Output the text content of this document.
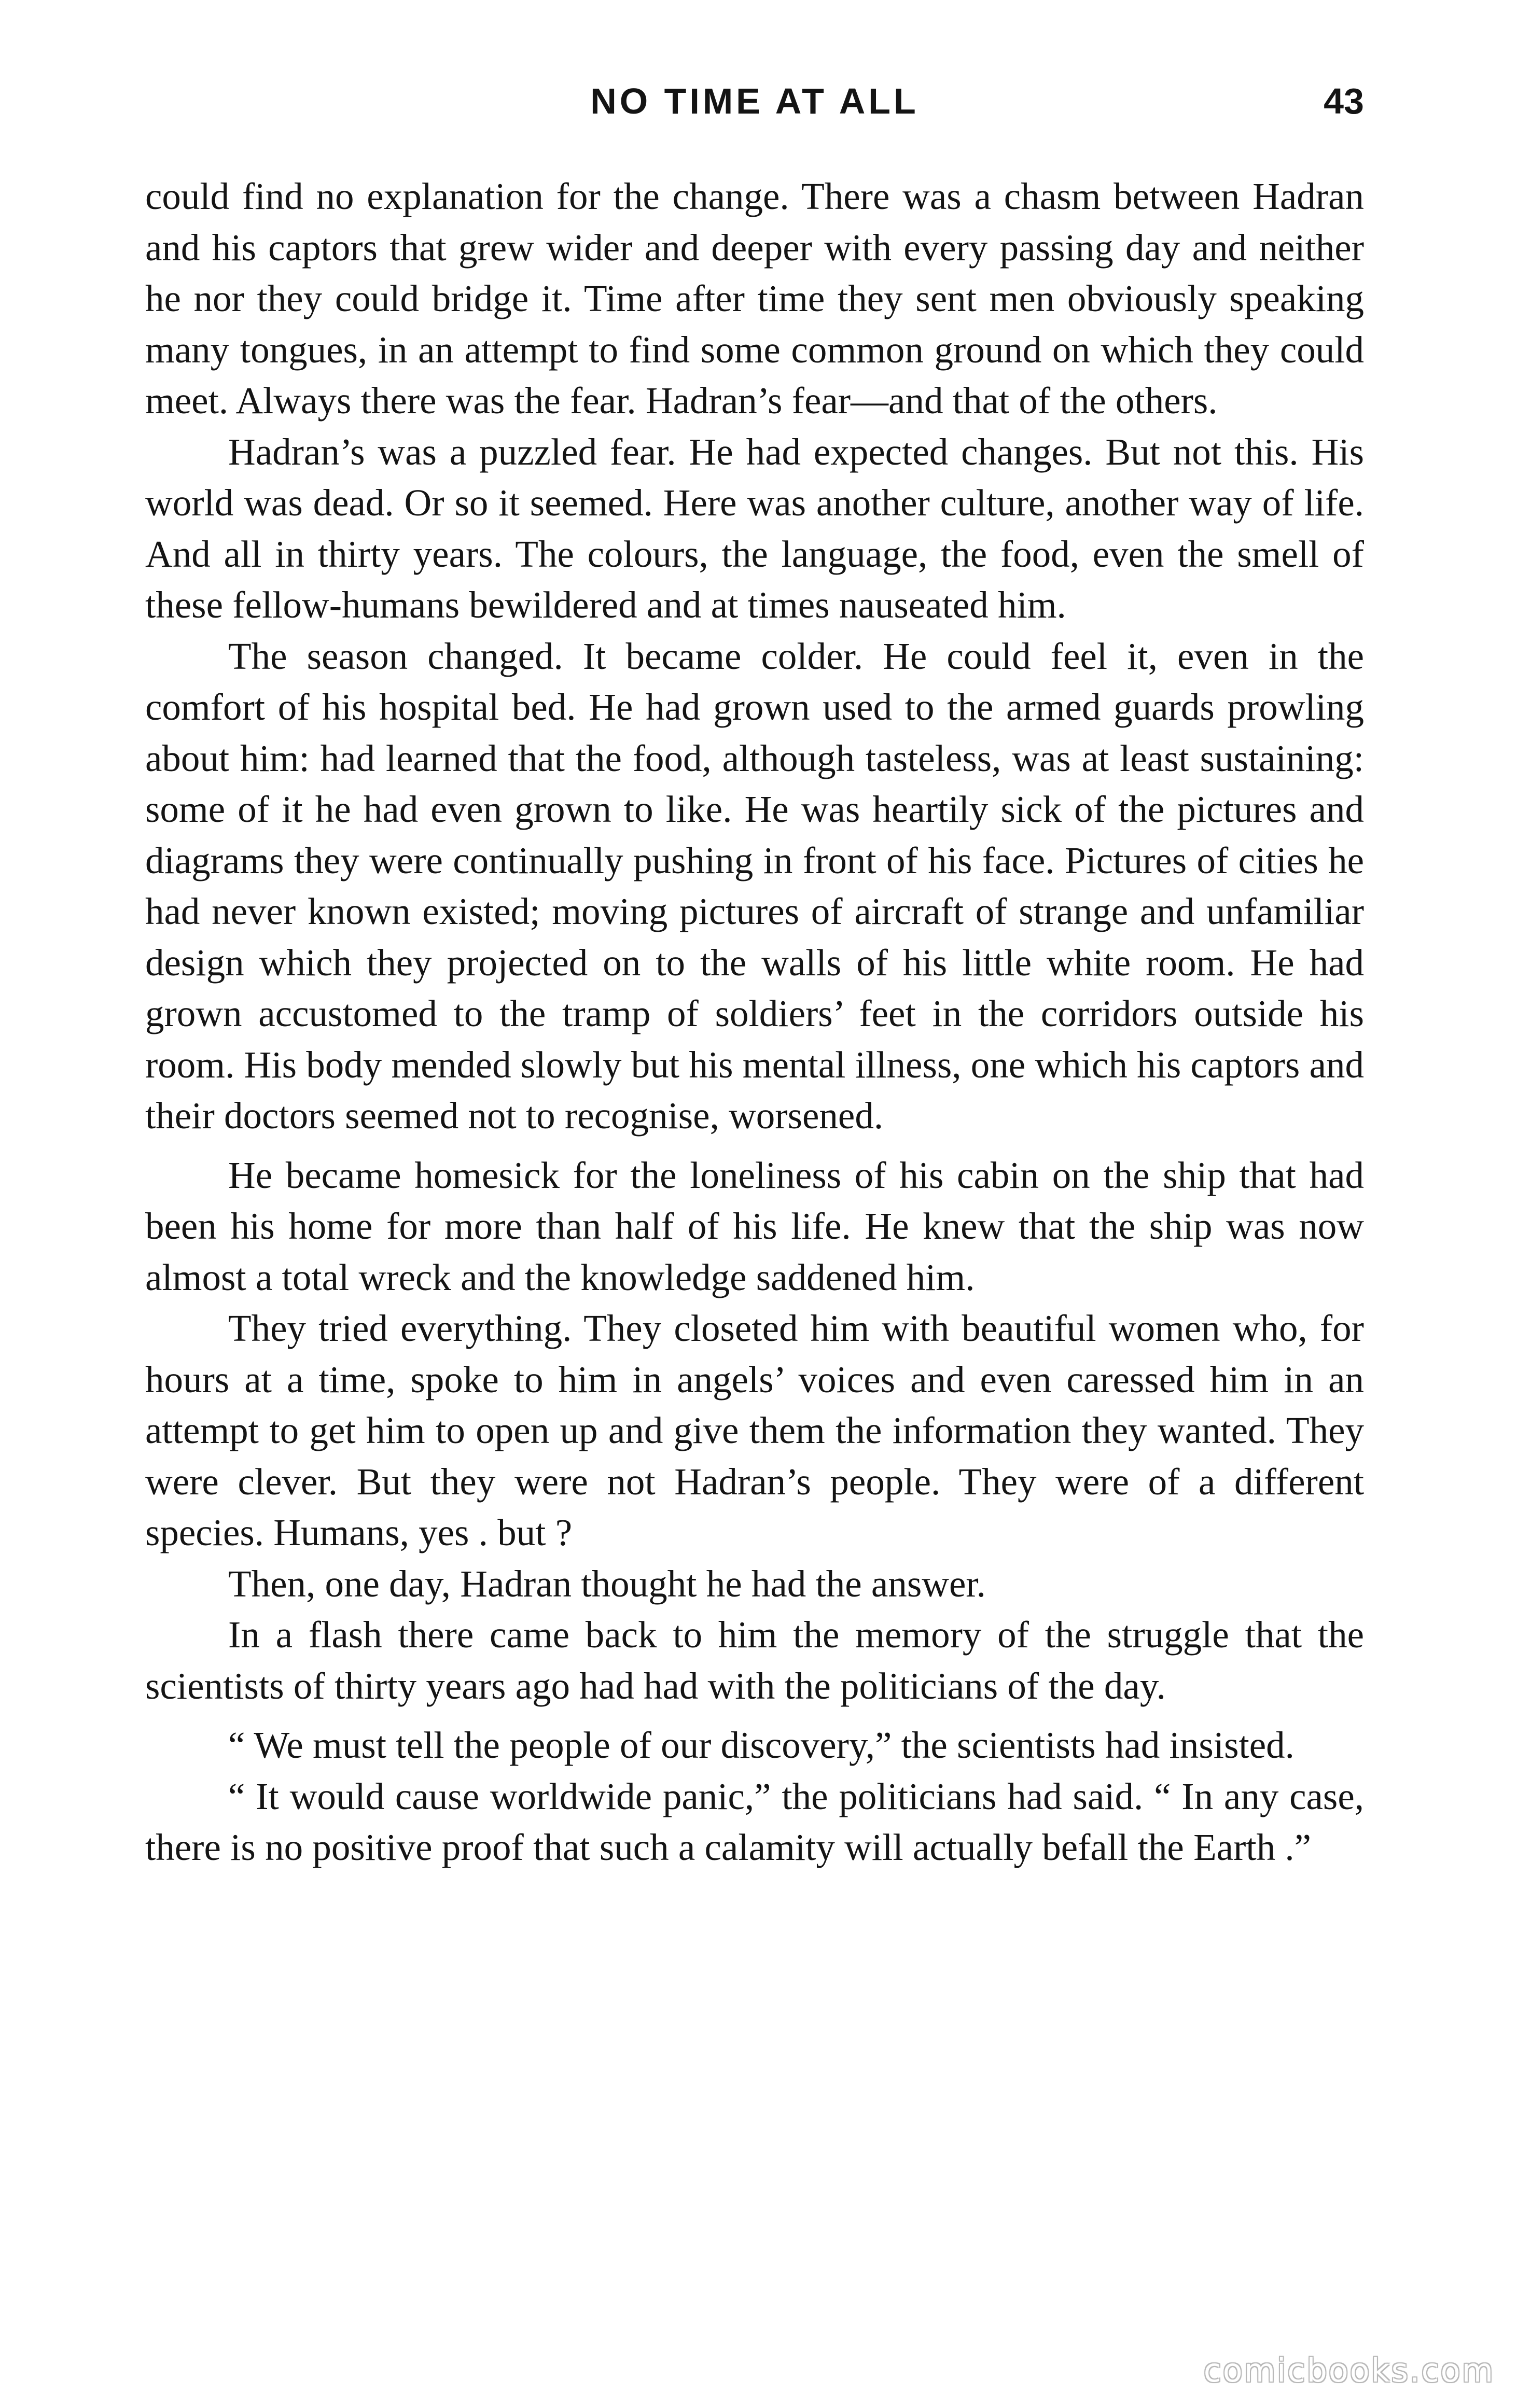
NO TIME AT ALL	43

could find no explanation for the change. There was a chasm between Hadran and his captors that grew wider and deeper with every passing day and neither he nor they could bridge it. Time after time they sent men obviously speaking many tongues, in an attempt to find some common ground on which they could meet. Always there was the fear. Hadran’s fear—and that of the others.

Hadran’s was a puzzled fear. He had expected changes. But not this. His world was dead. Or so it seemed. Here was another culture, another way of life. And all in thirty years. The colours, the language, the food, even the smell of these fellow-humans bewildered and at times nauseated him.

The season changed. It became colder. He could feel it, even in the comfort of his hospital bed. He had grown used to the armed guards prowling about him: had learned that the food, although tasteless, was at least sustaining: some of it he had even grown to like. He was heartily sick of the pictures and diagrams they were continually pushing in front of his face. Pictures of cities he had never known existed; moving pictures of aircraft of strange and unfamiliar design which they projected on to the walls of his little white room. He had grown accustomed to the tramp of soldiers’ feet in the corridors outside his room. His body mended slowly but his mental illness, one which his captors and their doctors seemed not to recognise, worsened.

He became homesick for the loneliness of his cabin on the ship that had been his home for more than half of his life. He knew that the ship was now almost a total wreck and the knowledge saddened him.

They tried everything. They closeted him with beautiful women who, for hours at a time, spoke to him in angels’ voices and even caressed him in an attempt to get him to open up and give them the information they wanted. They were clever. But they were not Hadran’s people. They were of a different species. Humans, yes . but ?

Then, one day, Hadran thought he had the answer.

In a flash there came back to him the memory of the struggle that the scientists of thirty years ago had had with the politicians of the day.

“ We must tell the people of our discovery,” the scientists had insisted.

“ It would cause worldwide panic,” the politicians had said. “ In any case, there is no positive proof that such a calamity will actually befall the Earth .”

comicbooks.com
